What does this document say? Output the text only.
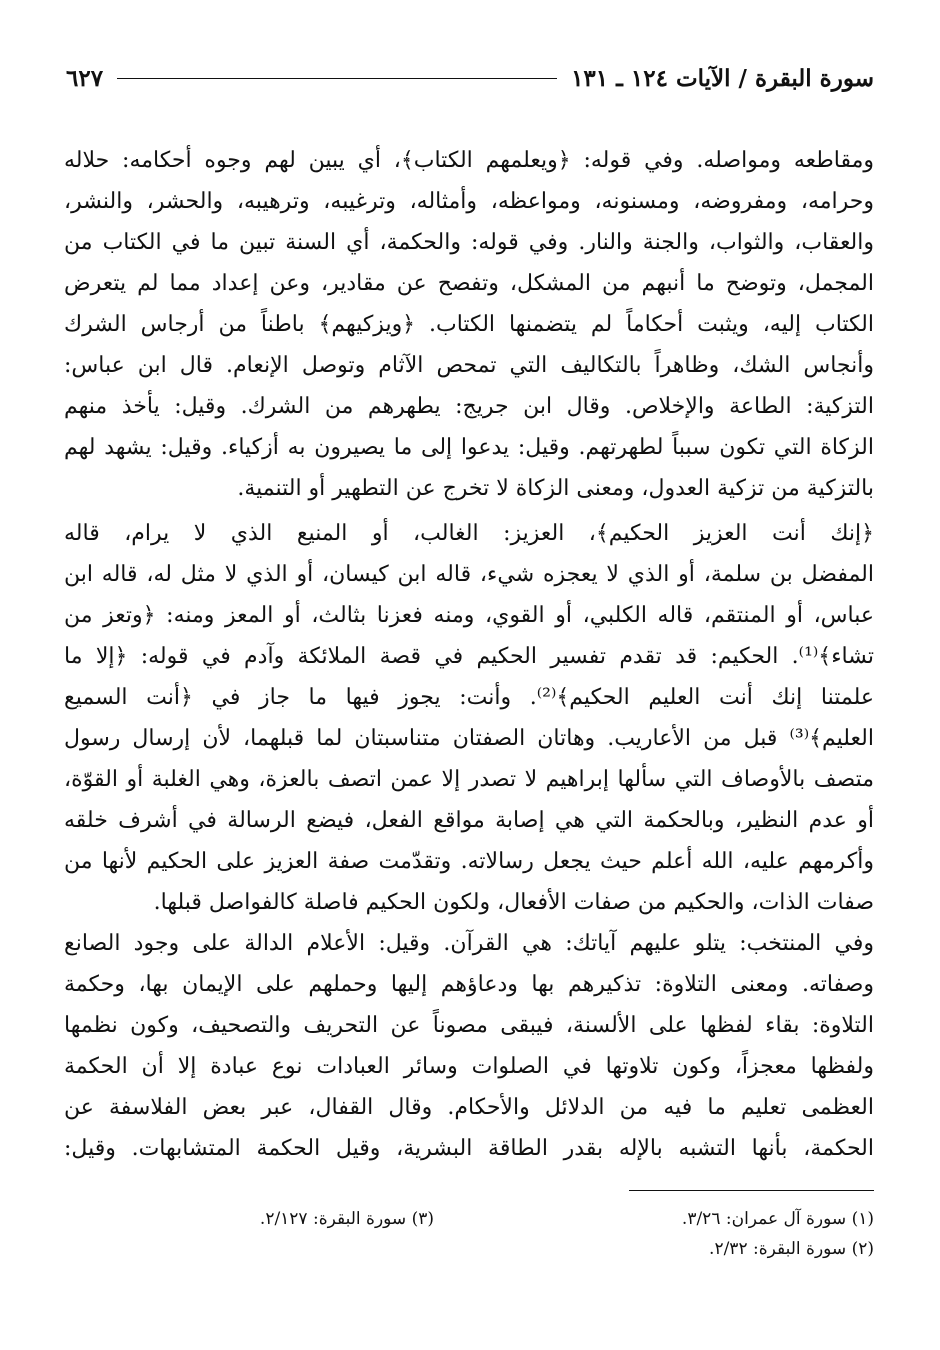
سورة البقرة / الآيات ١٢٤ ـ ١٣١
٦٢٧
ومقاطعه ومواصله. وفي قوله: ﴿ويعلمهم الكتاب﴾، أي يبين لهم وجوه أحكامه: حلاله
وحرامه، ومفروضه، ومسنونه، ومواعظه، وأمثاله، وترغيبه، وترهيبه، والحشر، والنشر،
والعقاب، والثواب، والجنة والنار. وفي قوله: والحكمة، أي السنة تبين ما في الكتاب من
المجمل، وتوضح ما أنبهم من المشكل، وتفصح عن مقادير، وعن إعداد مما لم يتعرض
الكتاب إليه، ويثبت أحكاماً لم يتضمنها الكتاب. ﴿ويزكيهم﴾ باطناً من أرجاس الشرك
وأنجاس الشك، وظاهراً بالتكاليف التي تمحص الآثام وتوصل الإنعام. قال ابن عباس:
التزكية: الطاعة والإخلاص. وقال ابن جريج: يطهرهم من الشرك. وقيل: يأخذ منهم
الزكاة التي تكون سبباً لطهرتهم. وقيل: يدعوا إلى ما يصيرون به أزكياء. وقيل: يشهد لهم
بالتزكية من تزكية العدول، ومعنى الزكاة لا تخرج عن التطهير أو التنمية.
﴿إنك أنت العزيز الحكيم﴾، العزيز: الغالب، أو المنيع الذي لا يرام، قاله
المفضل بن سلمة، أو الذي لا يعجزه شيء، قاله ابن كيسان، أو الذي لا مثل له، قاله ابن
عباس، أو المنتقم، قاله الكلبي، أو القوي، ومنه فعزنا بثالث، أو المعز ومنه: ﴿وتعز من
تشاء﴾⁽¹⁾. الحكيم: قد تقدم تفسير الحكيم في قصة الملائكة وآدم في قوله: ﴿إلا ما
علمتنا إنك أنت العليم الحكيم﴾⁽²⁾. وأنت: يجوز فيها ما جاز في ﴿أنت السميع
العليم﴾⁽³⁾ قبل من الأعاريب. وهاتان الصفتان متناسبتان لما قبلهما، لأن إرسال رسول
متصف بالأوصاف التي سألها إبراهيم لا تصدر إلا عمن اتصف بالعزة، وهي الغلبة أو القوّة،
أو عدم النظير، وبالحكمة التي هي إصابة مواقع الفعل، فيضع الرسالة في أشرف خلقه
وأكرمهم عليه، الله أعلم حيث يجعل رسالاته. وتقدّمت صفة العزيز على الحكيم لأنها من
صفات الذات، والحكيم من صفات الأفعال، ولكون الحكيم فاصلة كالفواصل قبلها.
وفي المنتخب: يتلو عليهم آياتك: هي القرآن. وقيل: الأعلام الدالة على وجود الصانع
وصفاته. ومعنى التلاوة: تذكيرهم بها ودعاؤهم إليها وحملهم على الإيمان بها، وحكمة
التلاوة: بقاء لفظها على الألسنة، فيبقى مصوناً عن التحريف والتصحيف، وكون نظمها
ولفظها معجزاً، وكون تلاوتها في الصلوات وسائر العبادات نوع عبادة إلا أن الحكمة
العظمى تعليم ما فيه من الدلائل والأحكام. وقال القفال، عبر بعض الفلاسفة عن
الحكمة، بأنها التشبه بالإله بقدر الطاقة البشرية، وقيل الحكمة المتشابهات. وقيل:
(١) سورة آل عمران: ٣/٢٦.
(٣) سورة البقرة: ٢/١٢٧.
(٢) سورة البقرة: ٢/٣٢.
